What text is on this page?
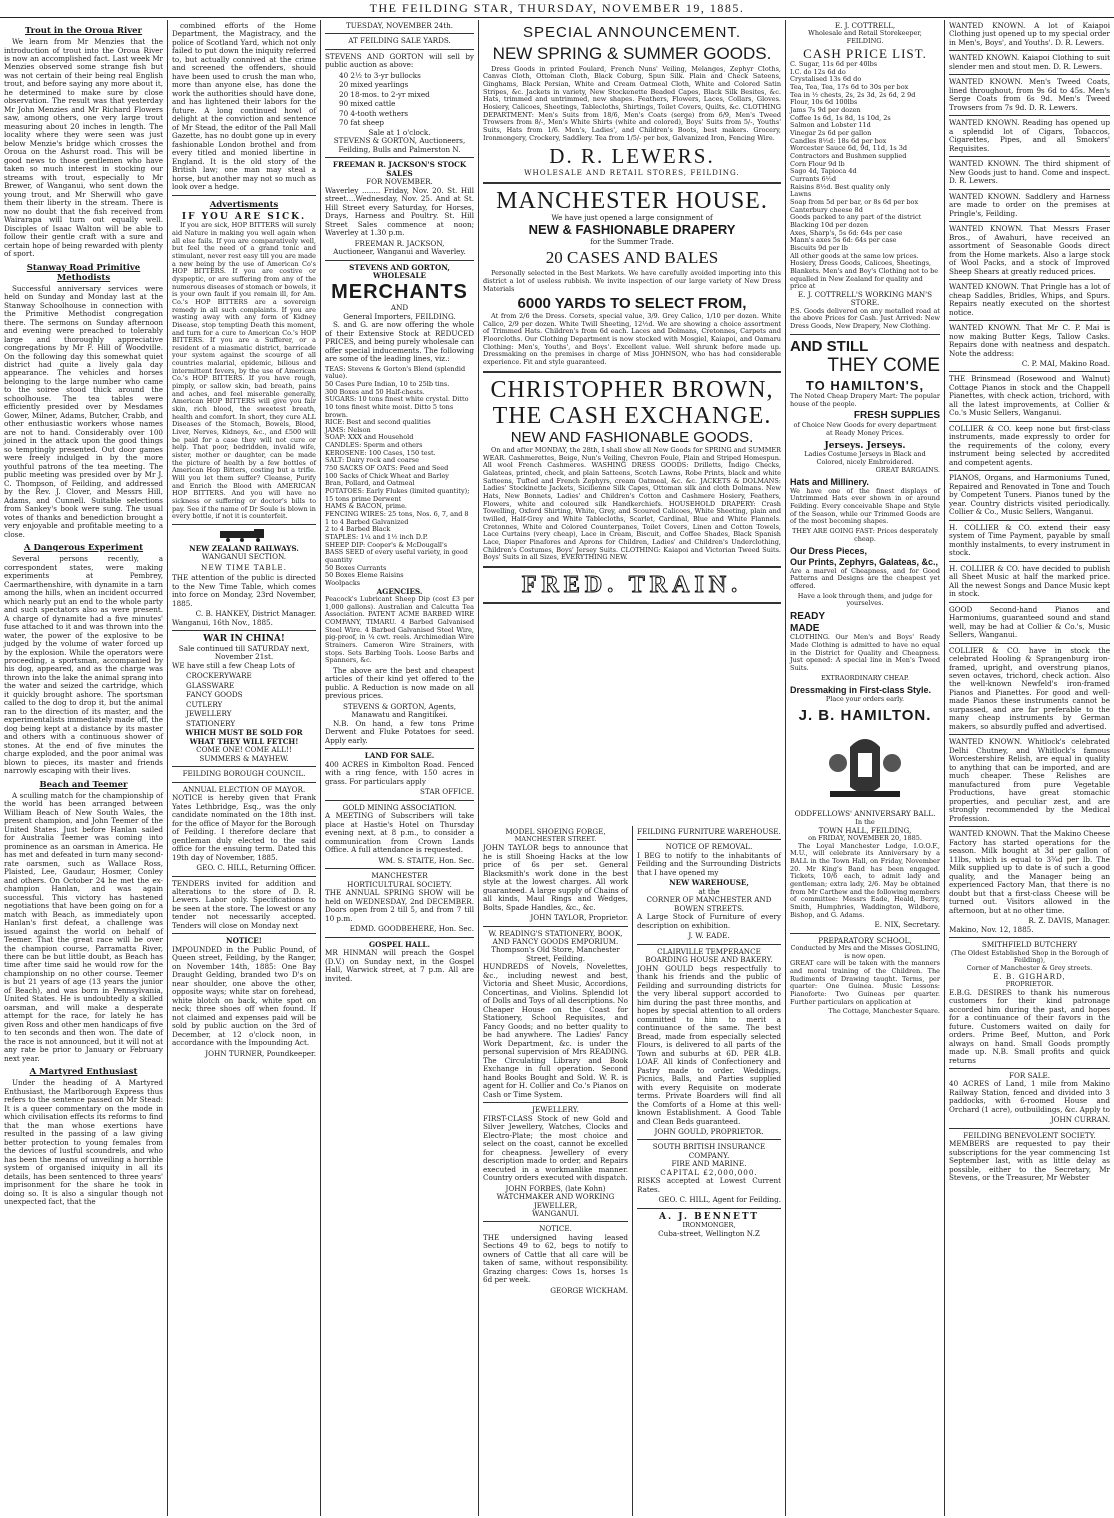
THE FEILDING STAR, THURSDAY, NOVEMBER 19, 1885.
Trout in the Oroua River

We learn from Mr Menzies that the introduction of trout into the Oroua River is now an accomplished fact. Last week Mr Menzies observed some strange fish but was not certain of their being real English trout, and before saying any more about it, he determined to make sure by close observation. The result was that yesterday Mr John Menzies and Mr Richard Flowers saw, among others, one very large trout measuring about 20 inches in length. The locality where they were seen was just below Menzie's bridge which crosses the Oroua on the Ashurst road. This will be good news to those gentlemen who have taken so much interest in stocking our streams with trout, especially to Mr Brewer, of Wanganui, who sent down the young trout, and Mr Sherwill who gave them their liberty in the stream. There is now no doubt that the fish received from Wairarapa will turn out equally well. Disciples of Isaac Walton will be able to follow their gentle craft with a sure and certain hope of being rewarded with plenty of sport.

Stanway Road Primitive Methodists

Successful anniversary services were held on Sunday and Monday last at the Stanway Schoolhouse in connection with the Primitive Methodist congregation there. The sermons on Sunday afternoon and evening were preached to tolerably large and thoroughly appreciative congregations by Mr F. Hill of Woodville. On the following day this somewhat quiet district had quite a lively gala day appearance. The vehicles and horses belonging to the large number who came to the soiree stood thick around the schoolhouse. The tea tables were efficiently presided over by Mesdames Gower, Milner, Adams, Butcher, Crabb, and other enthusiastic workers whose names are not to hand. Considerably over 100 joined in the attack upon the good things so temptingly presented. Out door games were freely indulged in by the more youthful patrons of the tea meeting. The public meeting was presided over by Mr J. C. Thompson, of Feilding, and addressed by the Rev. J. Clover, and Messrs Hill, Adams, and Cunnell. Suitable selections from Sankey's book were sung. The usual votes of thanks and benediction brought a very enjoyable and profitable meeting to a close.

A Dangerous Experiment

Several persons recently, a correspondent states, were making experiments at Pembrey, Caermarthenshire, with dynamite in a tarn among the hills, when an incident occurred which nearly put an end to the whole party and such spectators also as were present. A charge of dynamite had a five minutes' fuse attached to it and was thrown into the water, the power of the explosive to be judged by the volume of water forced up by the explosion. While the operators were proceeding, a sportsman, accompanied by his dog, appeared, and as the charge was thrown into the lake the animal sprang into the water and seized the cartridge, which it quickly brought ashore. The sportsman called to the dog to drop it, but the animal ran to the direction of its master, and the experimentalists immediately made off, the dog being kept at a distance by its master and others with a continuous shower of stones. At the end of five minutes the charge exploded, and the poor animal was blown to pieces, its master and friends narrowly escaping with their lives.

Beach and Teemer

A sculling match for the championship of the world has been arranged between William Beach of New South Wales, the present champion, and John Teemer of the United States. Just before Hanlan sailed for Australia Teemer was coming into prominence as an oarsman in America. He has met and defeated in turn many second-rate oarsmen, such as Wallace Ross, Plaisted, Lee, Gaudaur, Hosmer, Conley and others. On October 24 he met the ex-champion Hanlan, and was again successful. This victory has hastened negotiations that have been going on for a match with Beach, as immediately upon Hanlan's first defeat, a challenge was issued against the world on behalf of Teemer. That the great race will be over the champion course, Parramatta River, there can be but little doubt, as Beach has time after time said he would row for the championship on no other course. Teemer is but 21 years of age (13 years the junior of Beach), and was born in Pennsylvania, United States. He is undoubtedly a skilled oarsman, and will make a desperate attempt for the race, for lately he has given Ross and other men handicaps of five to ten seconds and then won. The date of the race is not announced, but it will not at any rate be prior to January or February next year.

A Martyred Enthusiast

Under the heading of A Martyred Enthusiast, the Marlborough Express thus refers to the sentence passed on Mr Stead: It is a queer commentary on the mode in which civilisation effects its reforms to find that the man whose exertions have resulted in the passing of a law giving better protection to young females from the devices of lustful scoundrels, and who has been the means of unveiling a horrible system of organised iniquity in all its details, has been sentenced to three years' imprisonment for the share he took in doing so. It is also a singular though not unexpected fact, that the

combined efforts of the Home Department, the Magistracy, and the police of Scotland Yard, which not only failed to put down the iniquity referred to, but actually connived at the crime and screened the offenders, should have been used to crush the man who, more than anyone else, has done the work the authorities should have done, and has lightened their labors for the future. A long continued howl of delight at the conviction and sentence of Mr Stead, the editor of the Pall Mall Gazette, has no doubt gone up in every fashionable London brothel and from every titled and monied libertine in England. It is the old story of the British law; one man may steal a horse, but another may not so much as look over a hedge.

Advertisments
IF YOU ARE SICK.

If you are sick, HOP BITTERS will surely aid Nature in making you well again when all else fails. If you are comparatively well, but feel the need of a grand tonic and stimulant, never rest easy till you are made a new being by the use of American Co's HOP BITTERS. If you are costive or dyspeptic, or are suffering from any of the numerous diseases of stomach or bowels, it is your own fault if you remain ill, for Am. Co.'s HOP BITTERS are a sovereign remedy in all such complaints. If you are wasting away with any form of Kidney Disease, stop tempting Death this moment, and turn for a cure to American Co.'s HOP BITTERS. If you are a Sufferer, or a resident of a miasmatic district, barricade your system against the scourge of all countries malarial, epidemic, bilious and intermittent fevers, by the use of American Co.'s HOP BITTERS. If you have rough, pimply, or sallow skin, bad breath, pains and aches, and feel miserable generally, American HOP BITTERS will give you fair skin, rich blood, the sweetest breath, health and comfort. In short, they cure ALL Diseases of the Stomach, Bowels, Blood, Liver, Nerves, Kidneys, &c., and £500 will be paid for a case they will not cure or help. That poor, bedridden, invalid wife, sister, mother or daughter, can be made the picture of health by a few bottles of American Hop Bitters, costing but a trifle. Will you let them suffer? Cleanse, Purify and Enrich the Blood with AMERICAN HOP BITTERS. And you will have no sickness or suffering or doctor's bills to pay. See if the name of Dr Soule is blown in every bottle, if not it is counterfeit.

NEW ZEALAND RAILWAYS.
WANGANUI SECTION.
NEW TIME TABLE.

THE attention of the public is directed to the New Time Table, which comes into force on Monday, 23rd November, 1885.

C. B. HANKEY, District Manager.
Wanganui, 16th Nov., 1885.
WAR IN CHINA!
Sale continued till SATURDAY next, November 21st.

WE have still a few Cheap Lots of

CROCKERYWARE
GLASSWARE
FANCY GOODS
CUTLERY
JEWELLERY
STATIONERY
WHICH MUST BE SOLD FOR WHAT THEY WILL FETCH!
COME ONE! COME ALL!!
SUMMERS & MAYHEW.
FEILDING BOROUGH COUNCIL.
ANNUAL ELECTION OF MAYOR.

NOTICE is hereby given that Frank Yates Lethbridge, Esq., was the only candidate nominated on the 18th inst. for the office of Mayor for the Borough of Feilding. I therefore declare that gentleman duly elected to the said office for the ensuing term. Dated this 19th day of November, 1885.

GEO. C. HILL, Returning Officer.

TENDERS invited for addition and alterations to the store of D. R. Lewers. Labor only. Specifications to be seen at the store. The lowest or any tender not necessarily accepted. Tenders will close on Monday next

NOTICE!

IMPOUNDED in the Public Pound, of Queen street, Feilding, by the Ranger, on November 14th, 1885: One Bay Draught Gelding, branded two D's on near shoulder, one above the other, opposite ways; white star on forehead, white blotch on back, white spot on neck; three shoes off when found. If not claimed and expenses paid will be sold by public auction on the 3rd of December, at 12 o'clock noon, in accordance with the Impounding Act.

JOHN TURNER, Poundkeeper.
TUESDAY, NOVEMBER 24th.
AT FEILDING SALE YARDS.

STEVENS AND GORTON will sell by public auction as above:

40 2½ to 3-yr bullocks
20 mixed yearlings
20 18-mos. to 2-yr mixed
90 mixed cattle
70 4-tooth wethers
70 fat sheep
Sale at 1 o'clock.
STEVENS & GORTON, Auctioneers,
Feilding, Bulls and Palmerston N.
FREEMAN R. JACKSON'S STOCK SALES
FOR NOVEMBER.

Waverley ........ Friday, Nov. 20. St. Hill street....Wednesday, Nov. 25. And at St. Hill Street every Saturday, for Horses, Drays, Harness and Poultry. St. Hill Street Sales commence at noon; Waverley at 1.30 p.m.

FREEMAN R. JACKSON,
Auctioneer, Wanganui and Waverley.
STEVENS AND GORTON, WHOLESALE
MERCHANTS
AND
General Importers, FEILDING.

S. and G. are now offering the whole of their Extensive Stock at REDUCED PRICES, and being purely wholesale can offer special inducements. The following are some of the leading lines, viz.:

TEAS: Stevens & Gorton's Blend (splendid value).
50 Cases Pure Indian, 10 to 25lb tins.
300 Boxes and 50 Half-chests.
SUGARS: 10 tons finest white crystal. Ditto 10 tons finest white moist. Ditto 5 tons brown.
RICE: Best and second qualities
JAMS: Nelson
SOAP: XXX and Household
CANDLES: Sperm and others
KEROSENE: 100 Cases, 150 test.
SALT: Dairy rock and coarse
750 SACKS OF OATS: Feed and Seed
100 Sacks of Chick Wheat and Barley
Bran, Pollard, and Oatmeal
POTATOES: Early Flukes (limited quantity); 15 tons prime Derwent
HAMS & BACON, prime.
FENCING WIRES: 25 tons, Nos. 6, 7, and 8
1 to 4 Barbed Galvanized
2 to 4 Barbed Black
STAPLES: 1¼ and 1½ inch D.P.
SHEEP DIP: Cooper's & McDougall's
BASS SEED of every useful variety, in good quantity
50 Boxes Currants
50 Boxes Eleme Raisins
Woolpacks
AGENCIES.

Peacock's Lubricant Sheep Dip (cost £3 per 1,000 gallons). Australian and Calcutta Tea Association. PATENT ACME BARBED WIRE COMPANY, TIMARU. 4 Barbed Galvanised Steel Wire. 4 Barbed Galvanised Steel Wire, pig-proof, in ¼ cwt. reels. Archimedian Wire Strainers. Cameron Wire Strainers, with stops. Sets Barbing Tools. Loose Barbs and Spanners, &c.

The above are the best and cheapest articles of their kind yet offered to the public. A Reduction is now made on all previous prices.

STEVENS & GORTON, Agents, Manawatu and Rangitikei.

N.B. On hand, a few tons Prime Derwent and Fluke Potatoes for seed. Apply early.

LAND FOR SALE.

400 ACRES in Kimbolton Road. Fenced with a ring fence, with 150 acres in grass. For particulars apply

STAR OFFICE.
GOLD MINING ASSOCIATION.

A MEETING of Subscribers will take place at Hastie's Hotel on Thursday evening next, at 8 p.m., to consider a communication from Crown Lands Office. A full attendance is requested.

WM. S. STAITE, Hon. Sec.
MANCHESTER
HORTICULTURAL SOCIETY.

THE ANNUAL SPRING SHOW will be held on WEDNESDAY, 2nd DECEMBER. Doors open from 2 till 5, and from 7 till 10 p.m.

EDMD. GOODBEHERE, Hon. Sec.
GOSPEL HALL.

MR HINMAN will preach the Gospel (D.V.) on Sunday next, in the Gospel Hall, Warwick street, at 7 p.m. All are invited.

SPECIAL ANNOUNCEMENT.
NEW SPRING & SUMMER GOODS.

Dress Goods in printed Foulard, French Nuns' Veiling, Melanges, Zephyr Cloths, Canvas Cloth, Ottoman Cloth, Black Coburg, Spun Silk. Plain and Check Sateens, Ginghams, Black Persian, White and Cream Oatmeal Cloth, White and Colored Satin Stripes, &c. Jackets in variety, New Stockenette Beaded Capes, Black Silk Besites, &c. Hats, trimmed and untrimmed, new shapes. Feathers, Flowers, Laces, Collars, Gloves. Hosiery, Calicoes, Sheetings, Tablecloths, Shirtings, Toilet Covers, Quilts, &c. CLOTHING DEPARTMENT: Men's Suits from 18/6, Men's Coats (serge) from 6/9, Men's Tweed Trowsers from 8/-, Men's White Shirts (white and colored), Boys' Suits from 5/-, Youths' Suits, Hats from 1/6. Men's, Ladies', and Children's Boots, best makers. Grocery, Ironmongery, Crockery, Saddlery. Tea from 1/5/- per box, Galvanized Iron, Fencing Wire.

D. R. LEWERS.
WHOLESALE AND RETAIL STORES, FEILDING.
MANCHESTER HOUSE.
We have just opened a large consignment of
NEW & FASHIONABLE DRAPERY
for the Summer Trade.
20 CASES AND BALES

Personally selected in the Best Markets. We have carefully avoided importing into this district a lot of useless rubbish. We invite inspection of our large variety of New Dress Materials

6000 YARDS TO SELECT FROM,

At from 2/6 the Dress. Corsets, special value, 3/9. Grey Calico, 1/10 per dozen. White Calico, 2/9 per dozen. White Twill Sheeting, 12½d. We are showing a choice assortment of Trimmed Hats. Children's from 6d each. Laces and Dolmans, Cretonnes, Carpets and Floorcloths. Our Clothing Department is now stocked with Mosgiel, Kaiapoi, and Oamaru Clothing: Men's, Youths', and Boys'. Excellent value. Well shrunk before made up. Dressmaking on the premises in charge of Miss JOHNSON, who has had considerable experience. Fit and style guaranteed.

CHRISTOPHER BROWN,
THE CASH EXCHANGE.
NEW AND FASHIONABLE GOODS.

On and after MONDAY, the 28th, I shall show all New Goods for SPRING and SUMMER WEAR. Cashmerettes, Beige, Nun's Veiling, Chevron Foule, Plain and Striped Homespun. All wool French Cashmeres. WASHING DRESS GOODS: Drilletts, Indigo Checks, Galateas, printed, check, and plain Satteens, Scotch Lawns, Robe Prints, black and white Satteens, Tufted and French Zephyrs, cream Oatmeal, &c. &c. JACKETS & DOLMANS: Ladies' Stockinette Jackets, Sicilienne Silk Capes, Ottoman silk and cloth Dolmans. New Hats, New Bonnets, Ladies' and Children's Cotton and Cashmere Hosiery, Feathers, Flowers, white and coloured silk Handkerchiefs. HOUSEHOLD DRAPERY: Crash Towelling, Oxford Shirting, White, Grey, and Scoured Calicoes, White Sheeting, plain and twilled, Half-Grey and White Tablecloths, Scarlet, Cardinal, Blue and White Flannels. Cretonnes, White and Colored Counterpanes, Toilet Covers, Linen and Cotton Towels, Lace Curtains (very cheap), Lace in Cream, Biscuit, and Coffee Shades, Black Spanish Lace, Diaper Pinafores and Aprons for Children, Ladies' and Children's Underclothing, Children's Costumes, Boys' Jersey Suits. CLOTHING: Kaiapoi and Victorian Tweed Suits. Boys' Suits in all Sizes, EVERYTHING NEW.

FRED. TRAIN.
MODEL SHOEING FORGE,
MANCHESTER STREET.

JOHN TAYLOR begs to announce that he is still Shoeing Hacks at the low price of 6s per set. General Blacksmith's work done in the best style at the lowest charges. All work guaranteed. A large supply of Chains of all kinds, Maul Rings and Wedges, Bolts, Spade Handles, &c., &c.

JOHN TAYLOR, Proprietor.
W. READING'S STATIONERY, BOOK, AND FANCY GOODS EMPORIUM.
Thompson's Old Store, Manchester Street, Feilding.

HUNDREDS of Novels, Novelettes, &c., including newest and best, Victoria and Sheet Music, Accordions, Concertinas, and Violins. Splendid lot of Dolls and Toys of all descriptions. No Cheaper House on the Coast for Stationery, School Requisites, and Fancy Goods; and no better quality to be had anywhere. The Ladies' Fancy Work Department, &c. is under the personal supervision of Mrs READING. The Circulating Library and Book Exchange in full operation. Second hand Books Bought and Sold. W. R. is agent for H. Collier and Co.'s Pianos on Cash or Time System.

JEWELLERY.

FIRST-CLASS Stock of new Gold and Silver Jewellery, Watches, Clocks and Electro-Plate; the most choice and select on the coast, cannot be excelled for cheapness. Jewellery of every description made to order, and Repairs executed in a workmanlike manner. Country orders executed with dispatch.

JOHN FORBES, (late Kohn) WATCHMAKER AND WORKING JEWELLER,
WANGANUI.
NOTICE.

THE undersigned having leased Sections 49 to 62, begs to notify to owners of Cattle that all care will be taken of same, without responsibility. Grazing charges: Cows 1s, horses 1s 6d per week.

GEORGE WICKHAM.
FEILDING FURNITURE WAREHOUSE.
NOTICE OF REMOVAL.

I BEG to notify to the inhabitants of Feilding and the Surrounding Districts that I have opened my

NEW WAREHOUSE,
at the
CORNER OF MANCHESTER AND BOWEN STREETS.

A Large Stock of Furniture of every description on exhibition.

J. W. EADE.
CLAIRVILLE TEMPERANCE BOARDING HOUSE AND BAKERY.

JOHN GOULD begs respectfully to thank his friends and the public of Feilding and surrounding districts for the very liberal support accorded to him during the past three months, and hopes by special attention to all orders committed to him to merit a continuance of the same. The best Bread, made from especially selected Flours, is delivered to all parts of the Town and suburbs at 6D. PER 4LB. LOAF. All kinds of Confectionery and Pastry made to order. Weddings, Picnics, Balls, and Parties supplied with every Requisite on moderate terms. Private Boarders will find all the Comforts of a Home at this well-known Establishment. A Good Table and Clean Beds guaranteed.

JOHN GOULD, PROPRIETOR.
SOUTH BRITISH INSURANCE COMPANY.
FIRE AND MARINE.
CAPITAL £2,000,000.

RISKS accepted at Lowest Current Rates.

GEO. C. HILL, Agent for Feilding.
A. J. BENNETT
IRONMONGER,
Cuba-street, Wellington N.Z
E. J. COTTRELL,
Wholesale and Retail Storekeeper, FEILDING.
CASH PRICE LIST.
C. Sugar, 11s 6d per 40lbs
I.C. do 12s 6d do
Crystalised 13s 6d do
Tea, Tea, Tea, 17s 6d to 30s per box
Tea in ½ chests, 2s, 2s 3d, 2s 6d, 2 9d
Flour, 10s 6d 100lbs
Jams 7s 9d per dozen
Coffee 1s 6d, 1s 8d, 1s 10d, 2s
Salmon and Lobster 11d
Vinegar 2s 6d per gallon
Candles 8½d: 18s 6d per box
Worcester Sauce 6d, 9d, 11d, 1s 3d
Contractors and Bushmen supplied
Corn Flour 9d lb
Sago 4d, Tapioca 4d
Currants 6½d
Raisins 8½d. Best quality only
Lawns
Soap from 5d per bar, or 8s 6d per box
Canterbury cheese 8d
Goods packed to any part of the district
Blacking 10d per dozen
Axes, Sharp's, 5s 6d: 64s per case
Mann's axes 5s 6d: 64s per case
Biscuits 9d per lb
All other goods at the same low prices. Hosiery, Dress Goods, Calicoes, Sheetings, Blankets. Men's and Boy's Clothing not to be equalled in New Zealand for quality and price at
E. J. COTTRELL'S WORKING MAN'S STORE.

P.S. Goods delivered on any metalled road at the above Prices for Cash. Just Arrived: New Dress Goods, New Drapery, New Clothing.

AND STILL
THEY COME
TO HAMILTON'S,

The Noted Cheap Drapery Mart: The popular house of the people.

FRESH SUPPLIES
of Choice New Goods for every department at Ready Money Prices.
Jerseys. Jerseys.
Ladies Costume Jerseys in Black and Colored, nicely Embroidered.
GREAT BARGAINS.
Hats and Millinery.

We have one of the finest displays of Untrimmed Hats ever shown in or around Feilding. Every conceivable Shape and Style of the Season, while our Trimmed Goods are of the most becoming shapes.

THEY ARE GOING FAST: Prices desperately cheap.
Our Dress Pieces,
Our Prints, Zephyrs, Galateas, &c.,

Are a marvel of Cheapness, and for Good Patterns and Designs are the cheapest yet offered.

Have a look through them, and judge for yourselves.
READY
MADE

CLOTHING. Our Men's and Boys' Ready Made Clothing is admitted to have no equal in the District for Quality and Cheapness. Just opened: A special line in Men's Tweed Suits.

EXTRAORDINARY CHEAP.
Dressmaking in First-class Style.
Place your orders early.
J. B. HAMILTON.
ODDFELLOWS' ANNIVERSARY BALL.
In the
TOWN HALL, FEILDING,
on FRIDAY, NOVEMBER 20, 1885.

The Loyal Manchester Lodge, I.O.O.F., M.U., will celebrate its Anniversary by a BALL in the Town Hall, on Friday, November 20. Mr King's Band has been engaged. Tickets, 10/6 each, to admit lady and gentleman; extra lady, 2/6. May be obtained from Mr Carthew and the following members of committee: Messrs Eade, Heald, Berry, Smith, Humphries, Waddington, Wildbore, Bishop, and G. Adams.

E. NIX, Secretary.
PREPARATORY SCHOOL,
Conducted by Mrs and the Misses GOSLING, is now open.

GREAT care will be taken with the manners and moral training of the Children. The Rudiments of Drawing taught. Terms, per quarter: One Guinea. Music Lessons: Pianoforte: Two Guineas per quarter. Further particulars on application at

The Cottage, Manchester Square.

WANTED KNOWN. A lot of Kaiapoi Clothing just opened up to my special order in Men's, Boys', and Youths'. D. R. Lewers.

WANTED KNOWN. Kaiapoi Clothing to suit slender men and stout men. D. R. Lewers.

WANTED KNOWN. Men's Tweed Coats, lined throughout, from 9s 6d to 45s. Men's Serge Coats from 6s 9d. Men's Tweed Trowsers from 7s 9d. D. R. Lewers.

WANTED KNOWN. Reading has opened up a splendid lot of Cigars, Tobaccos, Cigarettes, Pipes, and all Smokers' Requisites.

WANTED KNOWN. The third shipment of New Goods just to hand. Come and inspect. D. R. Lewers.

WANTED KNOWN. Saddlery and Harness are made to order on the premises at Pringle's, Feilding.

WANTED KNOWN. That Messrs Fraser Bros., of Awahuri, have received an assortment of Seasonable Goods direct from the Home markets. Also a large stock of Wool Packs, and a stock of Improved Sheep Shears at greatly reduced prices.

WANTED KNOWN. That Pringle has a lot of cheap Saddles, Bridles, Whips, and Spurs. Repairs neatly executed on the shortest notice.

WANTED KNOWN. That Mr C. P. Mai is now making Butter Kegs, Tallow Casks. Repairs done with neatness and despatch. Note the address:

C. P. MAI, Makino Road.

THE Brinsmead (Rosewood and Walnut) Cottage Pianos in stock and the Chappell Pianettes, with check action, trichord, with all the latest improvements, at Collier & Co.'s Music Sellers, Wanganui.

COLLIER & CO. keep none but first-class instruments, made expressly to order for the requirements of the colony, every instrument being selected by accredited and competent agents.

PIANOS, Organs, and Harmoniums Tuned, Repaired and Renovated in Tone and Touch by Competent Tuners. Pianos tuned by the year. Country districts visited periodically. Collier & Co., Music Sellers, Wanganui.

H. COLLIER & CO. extend their easy system of Time Payment, payable by small monthly instalments, to every instrument in stock.

H. COLLIER & CO. have decided to publish all Sheet Music at half the marked price. All the newest Songs and Dance Music kept in stock.

GOOD Second-hand Pianos and Harmoniums, guaranteed sound and stand well, may be had at Collier & Co.'s, Music Sellers, Wanganui.

COLLIER & CO. have in stock the celebrated Hooling & Sprangenburg iron-framed, upright, and overstrung pianos, seven octaves, trichord, check action. Also the well-known Newfeld's iron-framed Pianos and Pianettes. For good and well-made Pianos these instruments cannot be surpassed, and are far preferable to the many cheap instruments by German makers, so absurdly puffed and advertised.

WANTED KNOWN. Whitlock's celebrated Delhi Chutney, and Whitlock's famous Worcestershire Relish, are equal in quality to anything that can be imported, and are much cheaper. These Relishes are manufactured from pure Vegetable Productions, have great stomachic properties, and peculiar zest, and are strongly recommended by the Medical Profession.

WANTED KNOWN. That the Makino Cheese Factory has started operations for the season. Milk bought at 3d per gallon of 11lbs, which is equal to 3¾d per lb. The Milk supplied up to date is of such a good quality, and the Manager being an experienced Factory Man, that there is no doubt but that a first-class Cheese will be turned out. Visitors allowed in the afternoon, but at no other time.

R. Z. DAVIS, Manager.
Makino, Nov. 12, 1885.
SMITHFIELD BUTCHERY
(The Oldest Established Shop in the Borough of Feilding),
Corner of Manchester & Grey streets.
E. B. GIGHARD,
PROPRIETOR.

E.B.G. DESIRES to thank his numerous customers for their kind patronage accorded him during the past, and hopes for a continuance of their favors in the future. Customers waited on daily for orders. Prime Beef, Mutton, and Pork always on hand. Small Goods promptly made up. N.B. Small profits and quick returns

FOR SALE.

40 ACRES of Land, 1 mile from Makino Railway Station, fenced and divided into 3 paddocks, with 6-roomed House and Orchard (1 acre), outbuildings, &c. Apply to

JOHN CURRAN.
FEILDING BENEVOLENT SOCIETY.

MEMBERS are requested to pay their subscriptions for the year commencing 1st September last, with as little delay as possible, either to the Secretary, Mr Stevens, or the Treasurer, Mr Webster
